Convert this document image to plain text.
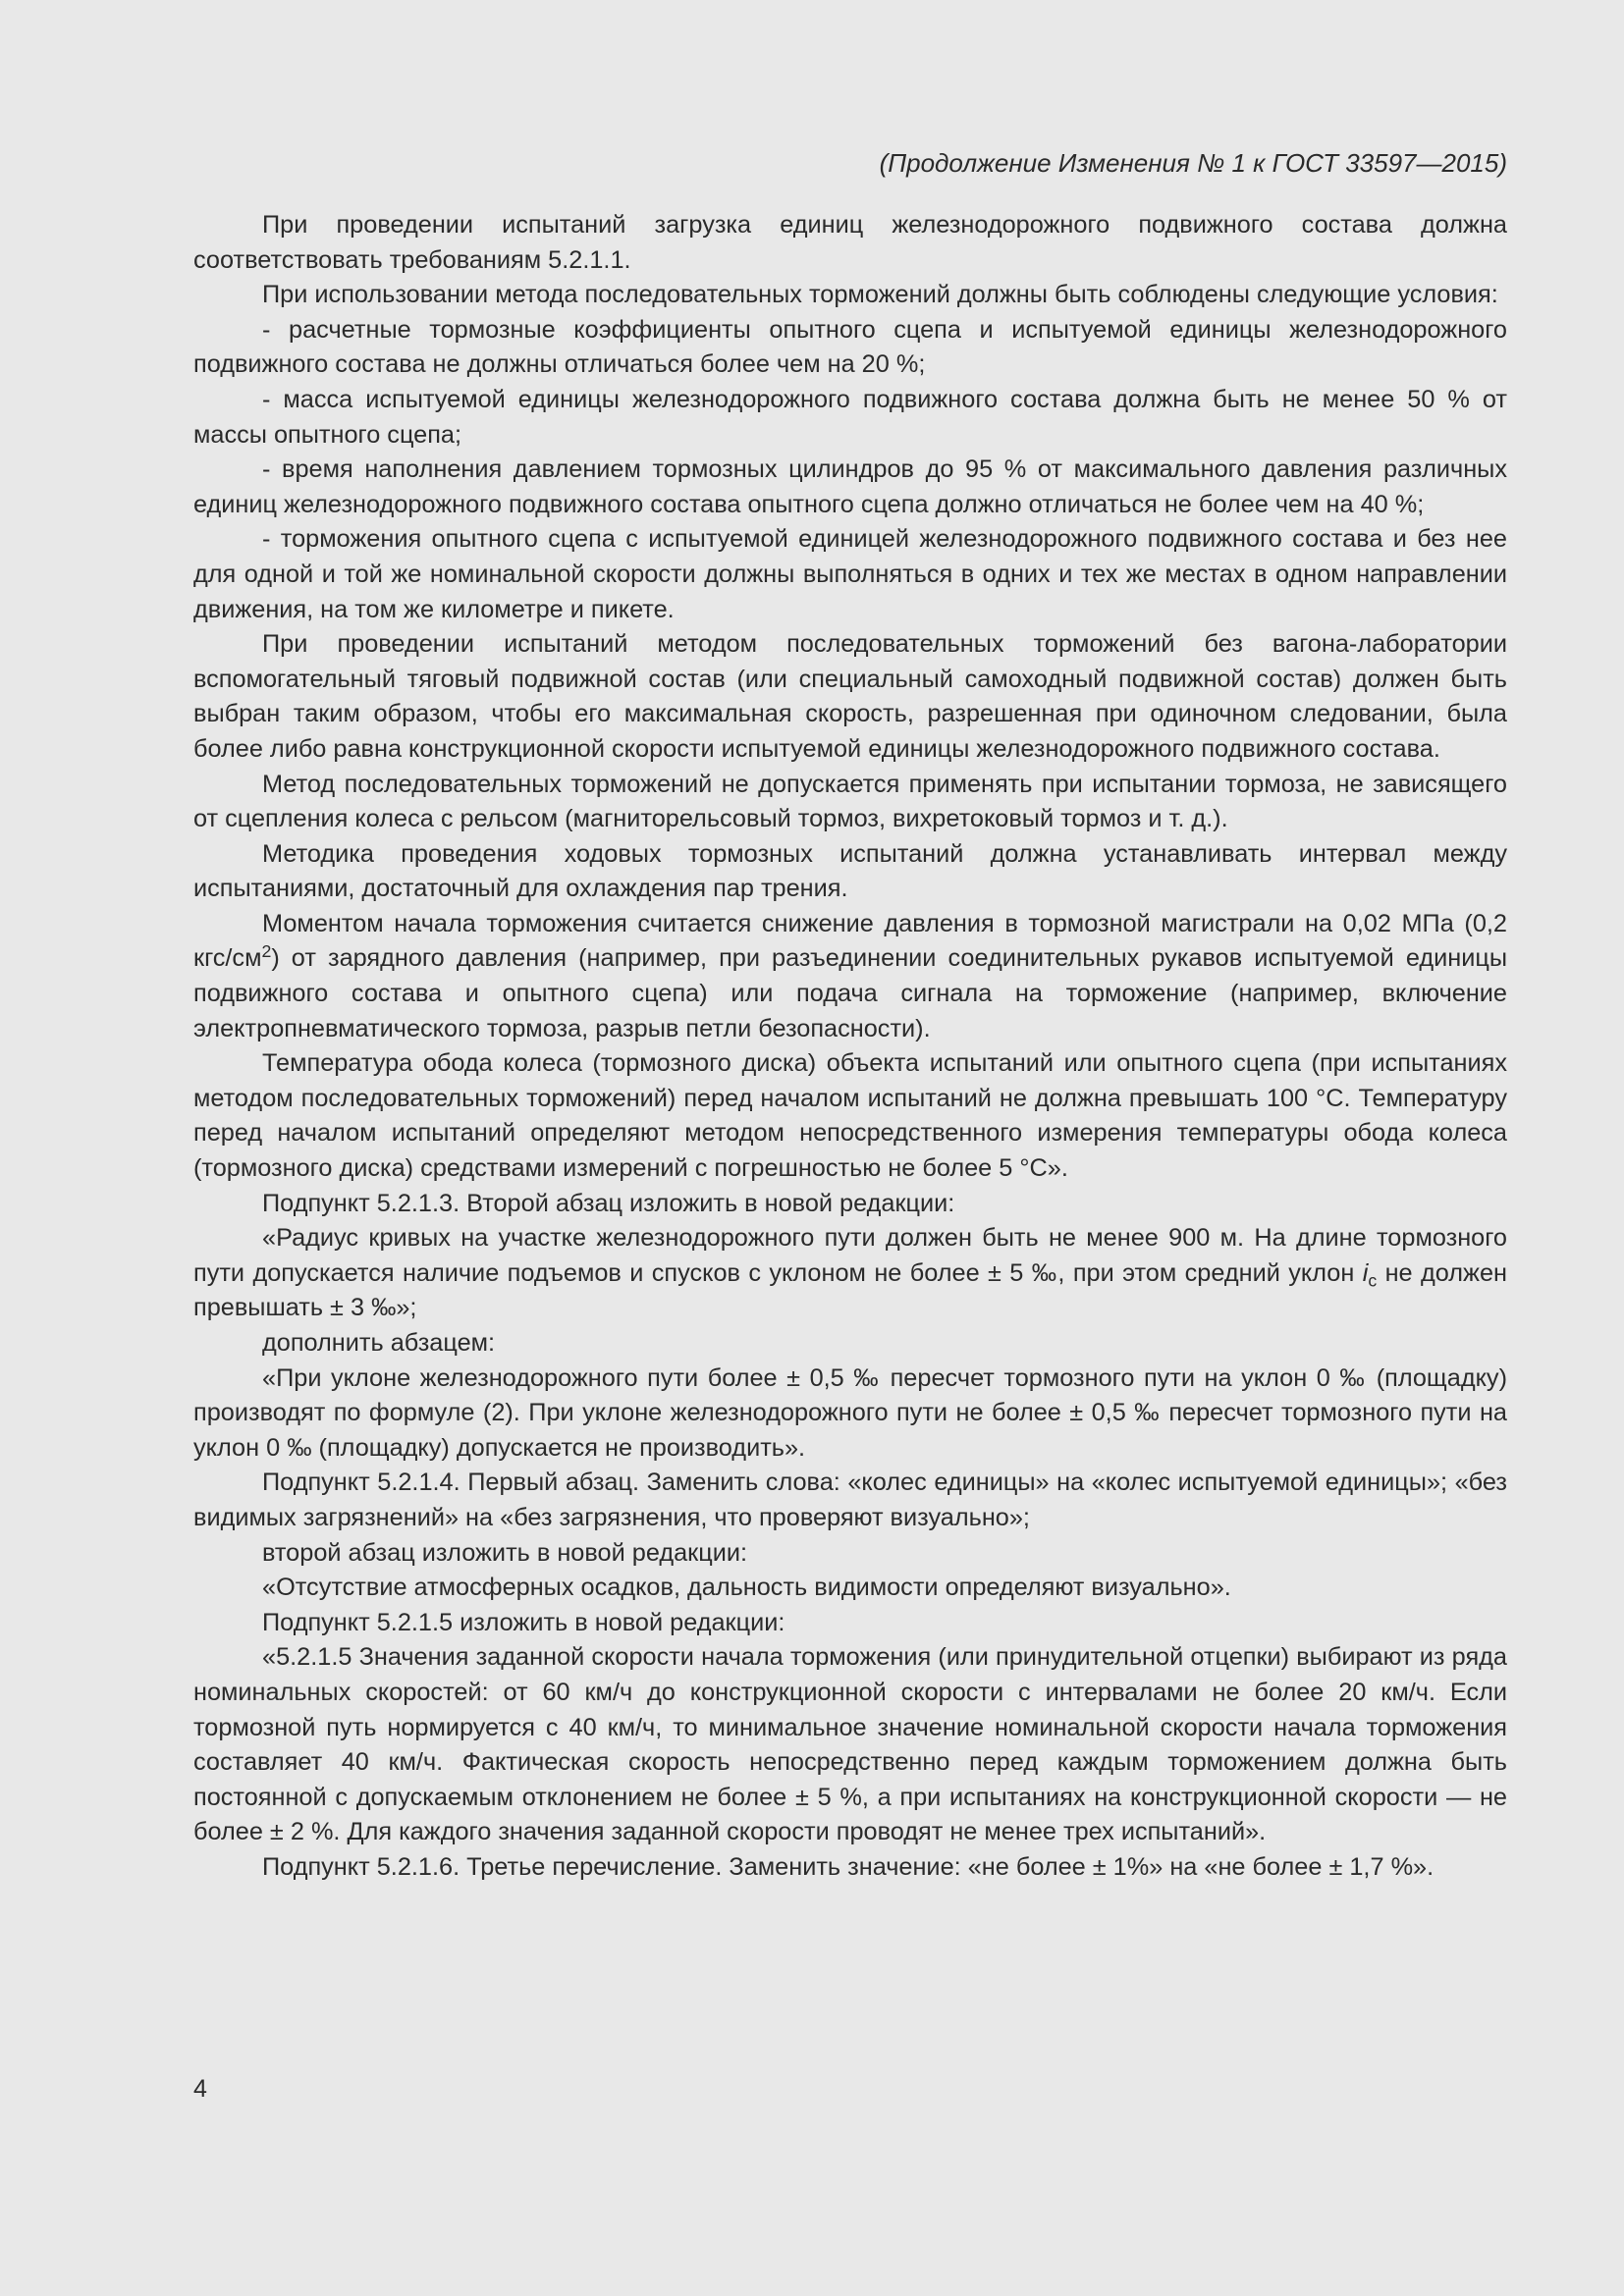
(Продолжение Изменения № 1 к ГОСТ 33597—2015)

При проведении испытаний загрузка единиц железнодорожного подвижного состава должна соответствовать требованиям 5.2.1.1.

При использовании метода последовательных торможений должны быть соблюдены следующие условия:

- расчетные тормозные коэффициенты опытного сцепа и испытуемой единицы железнодорожного подвижного состава не должны отличаться более чем на 20 %;

- масса испытуемой единицы железнодорожного подвижного состава должна быть не менее 50 % от массы опытного сцепа;

- время наполнения давлением тормозных цилиндров до 95 % от максимального давления различных единиц железнодорожного подвижного состава опытного сцепа должно отличаться не более чем на 40 %;

- торможения опытного сцепа с испытуемой единицей железнодорожного подвижного состава и без нее для одной и той же номинальной скорости должны выполняться в одних и тех же местах в одном направлении движения, на том же километре и пикете.

При проведении испытаний методом последовательных торможений без вагона-лаборатории вспомогательный тяговый подвижной состав (или специальный самоходный подвижной состав) должен быть выбран таким образом, чтобы его максимальная скорость, разрешенная при одиночном следовании, была более либо равна конструкционной скорости испытуемой единицы железнодорожного подвижного состава.

Метод последовательных торможений не допускается применять при испытании тормоза, не зависящего от сцепления колеса с рельсом (магниторельсовый тормоз, вихретоковый тормоз и т. д.).

Методика проведения ходовых тормозных испытаний должна устанавливать интервал между испытаниями, достаточный для охлаждения пар трения.

Моментом начала торможения считается снижение давления в тормозной магистрали на 0,02 МПа (0,2 кгс/$см^2$) от зарядного давления (например, при разъединении соединительных рукавов испытуемой единицы подвижного состава и опытного сцепа) или подача сигнала на торможение (например, включение электропневматического тормоза, разрыв петли безопасности).

Температура обода колеса (тормозного диска) объекта испытаний или опытного сцепа (при испытаниях методом последовательных торможений) перед началом испытаний не должна превышать 100 °С. Температуру перед началом испытаний определяют методом непосредственного измерения температуры обода колеса (тормозного диска) средствами измерений с погрешностью не более 5 °С».

Подпункт 5.2.1.3. Второй абзац изложить в новой редакции:

«Радиус кривых на участке железнодорожного пути должен быть не менее 900 м. На длине тормозного пути допускается наличие подъемов и спусков с уклоном не более ± 5 ‰, при этом средний уклон $i_c$ не должен превышать ± 3 ‰»;

дополнить абзацем:

«При уклоне железнодорожного пути более ± 0,5 ‰ пересчет тормозного пути на уклон 0 ‰ (площадку) производят по формуле (2). При уклоне железнодорожного пути не более ± 0,5 ‰ пересчет тормозного пути на уклон 0 ‰ (площадку) допускается не производить».

Подпункт 5.2.1.4. Первый абзац. Заменить слова: «колес единицы» на «колес испытуемой единицы»; «без видимых загрязнений» на «без загрязнения, что проверяют визуально»;

второй абзац изложить в новой редакции:

«Отсутствие атмосферных осадков, дальность видимости определяют визуально».

Подпункт 5.2.1.5 изложить в новой редакции:

«5.2.1.5 Значения заданной скорости начала торможения (или принудительной отцепки) выбирают из ряда номинальных скоростей: от 60 км/ч до конструкционной скорости с интервалами не более 20 км/ч. Если тормозной путь нормируется с 40 км/ч, то минимальное значение номинальной скорости начала торможения составляет 40 км/ч. Фактическая скорость непосредственно перед каждым торможением должна быть постоянной с допускаемым отклонением не более ± 5 %, а при испытаниях на конструкционной скорости — не более ± 2 %. Для каждого значения заданной скорости проводят не менее трех испытаний».

Подпункт 5.2.1.6. Третье перечисление. Заменить значение: «не более ± 1%» на «не более ± 1,7 %».

4
